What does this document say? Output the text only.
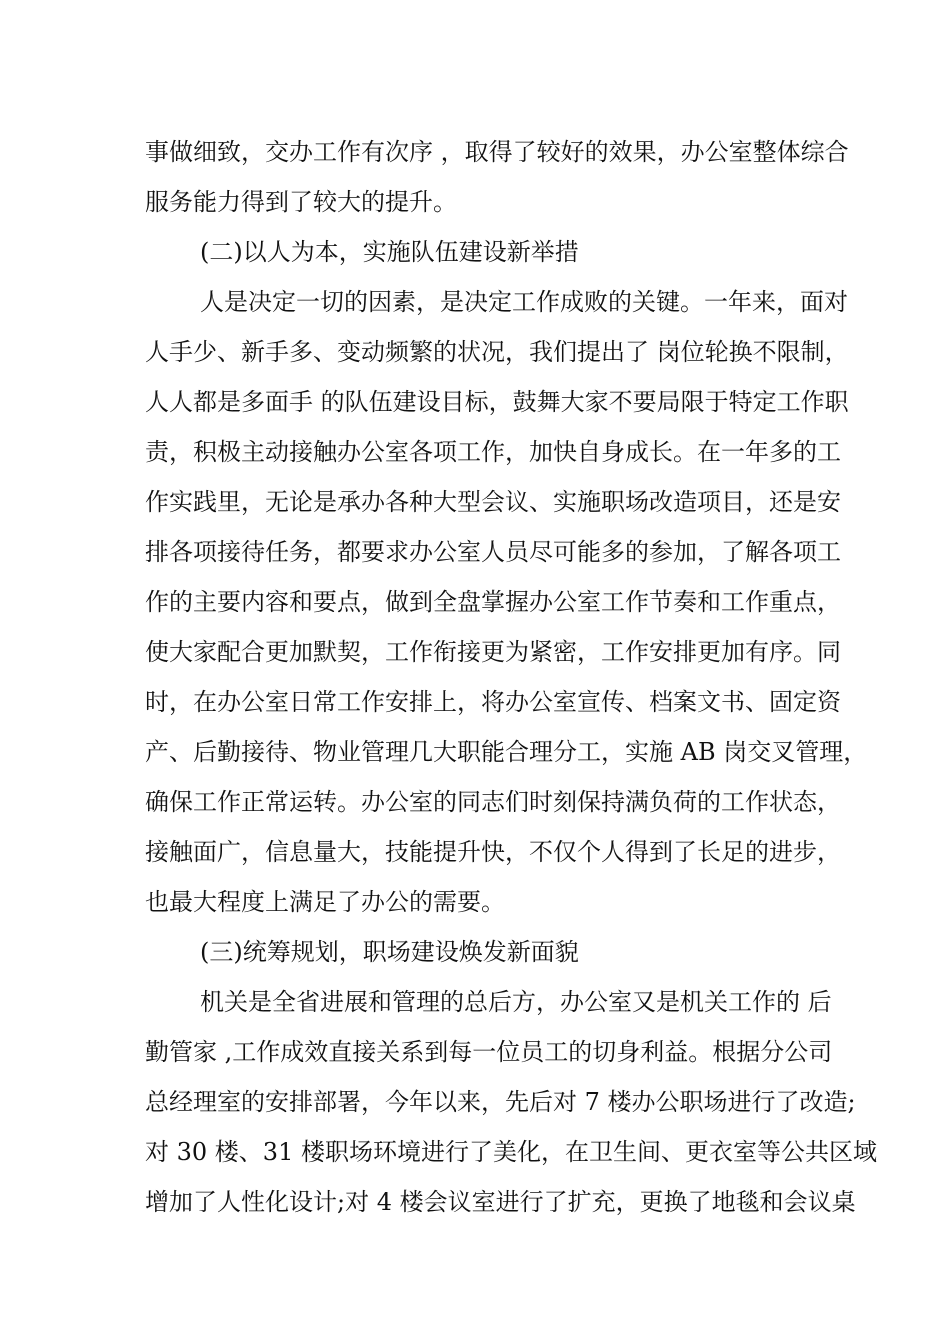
事做细致，交办工作有次序 ，取得了较好的效果，办公室整体综合
服务能力得到了较大的提升。
(二)以人为本，实施队伍建设新举措
人是决定一切的因素，是决定工作成败的关键。一年来，面对
人手少、新手多、变动频繁的状况，我们提出了 岗位轮换不限制，
人人都是多面手 的队伍建设目标，鼓舞大家不要局限于特定工作职
责，积极主动接触办公室各项工作，加快自身成长。在一年多的工
作实践里，无论是承办各种大型会议、实施职场改造项目，还是安
排各项接待任务，都要求办公室人员尽可能多的参加，了解各项工
作的主要内容和要点，做到全盘掌握办公室工作节奏和工作重点，
使大家配合更加默契，工作衔接更为紧密，工作安排更加有序。同
时，在办公室日常工作安排上，将办公室宣传、档案文书、固定资
产、后勤接待、物业管理几大职能合理分工，实施 AB 岗交叉管理，
确保工作正常运转。办公室的同志们时刻保持满负荷的工作状态，
接触面广，信息量大，技能提升快，不仅个人得到了长足的进步，
也最大程度上满足了办公的需要。
(三)统筹规划，职场建设焕发新面貌
机关是全省进展和管理的总后方，办公室又是机关工作的 后
勤管家 ,工作成效直接关系到每一位员工的切身利益。根据分公司
总经理室的安排部署，今年以来，先后对 7 楼办公职场进行了改造;
对 30 楼、31 楼职场环境进行了美化，在卫生间、更衣室等公共区域
增加了人性化设计;对 4 楼会议室进行了扩充，更换了地毯和会议桌
